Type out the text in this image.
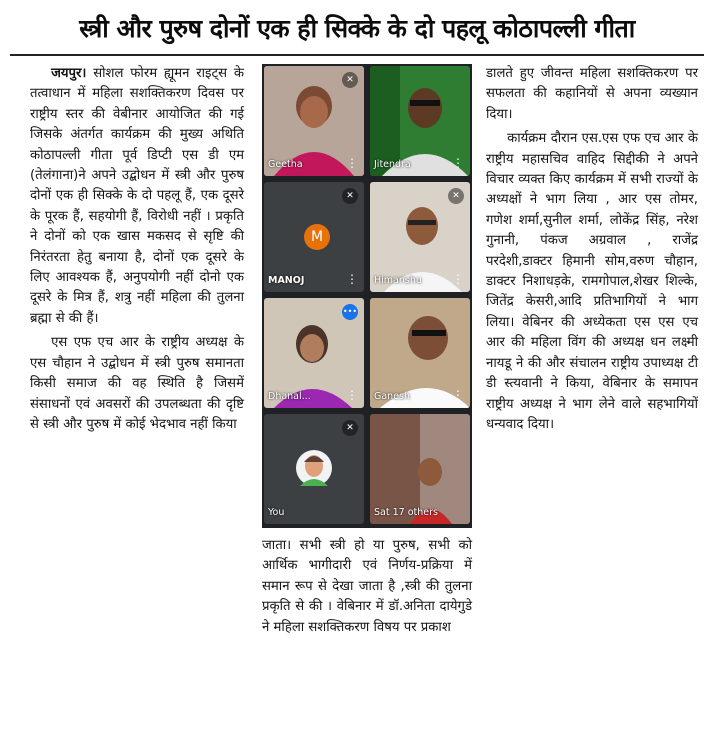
स्त्री और पुरुष दोनों एक ही सिक्के के दो पहलू कोठापल्ली गीता

जयपुर। सोशल फोरम ह्यूमन राइट्स के तत्वाधान में महिला सशक्तिकरण दिवस पर राष्ट्रीय स्तर की वेबीनार आयोजित की गई जिसके अंतर्गत कार्यक्रम की मुख्य अथिति कोठापल्ली गीता पूर्व डिप्टी एस डी एम (तेलंगाना)ने अपने उद्बोधन में स्त्री और पुरुष दोनों एक ही सिक्के के दो पहलू हैं, एक दूसरे के पूरक हैं, सहयोगी हैं, विरोधी नहीं । प्रकृति ने दोनों को एक खास मकसद से सृष्टि की निरंतरता हेतु बनाया है, दोनों एक दूसरे के लिए आवश्यक हैं, अनुपयोगी नहीं दोनो एक दूसरे के मित्र हैं, शत्रु नहीं महिला की तुलना ब्रह्मा से की हैं।

एस एफ एच आर के राष्ट्रीय अध्यक्ष के एस चौहान ने उद्बोधन में स्त्री पुरुष समानता किसी समाज की वह स्थिति है जिसमें संसाधनों एवं अवसरों की उपलब्धता की दृष्टि से स्त्री और पुरुष में कोई भेदभाव नहीं किया

✕
Geetha	⋮ Jitendra	⋮
M
✕
MANOJ	⋮
✕
Himanshu	⋮
•••
Dhanal...	⋮ Ganesh	⋮
✕
You	Sat 17 others

जाता। सभी स्त्री हो या पुरुष, सभी को आर्थिक भागीदारी एवं निर्णय-प्रक्रिया में समान रूप से देखा जाता है ,स्त्री की तुलना प्रकृति से की । वेबिनार में डॉ.अनिता दायेगुडे ने महिला सशक्तिकरण विषय पर प्रकाश

डालते हुए जीवन्त महिला सशक्तिकरण पर सफलता की कहानियों से अपना व्यख्यान दिया।

कार्यक्रम दौरान एस.एस एफ एच आर के राष्ट्रीय महासचिव वाहिद सिद्दीकी ने अपने विचार व्यक्त किए कार्यक्रम में सभी राज्यों के अध्यक्षों ने भाग लिया , आर एस तोमर, गणेश शर्मा,सुनील शर्मा, लोकेंद्र सिंह, नरेश गुनानी, पंकज अग्रवाल , राजेंद्र परदेशी,डाक्टर हिमानी सोम,वरुण चौहान, डाक्टर निशाधड़के, रामगोपाल,शेखर शिल्के, जितेंद्र केसरी,आदि प्रतिभागियों ने भाग लिया। वेबिनर की अध्येकता एस एस एच आर की महिला विंग की अध्यक्ष धन लक्ष्मी नायडू ने की और संचालन राष्ट्रीय उपाध्यक्ष टी डी स्त्यवानी ने किया, वेबिनार के समापन राष्ट्रीय अध्यक्ष ने भाग लेने वाले सहभागियों धन्यवाद दिया।
